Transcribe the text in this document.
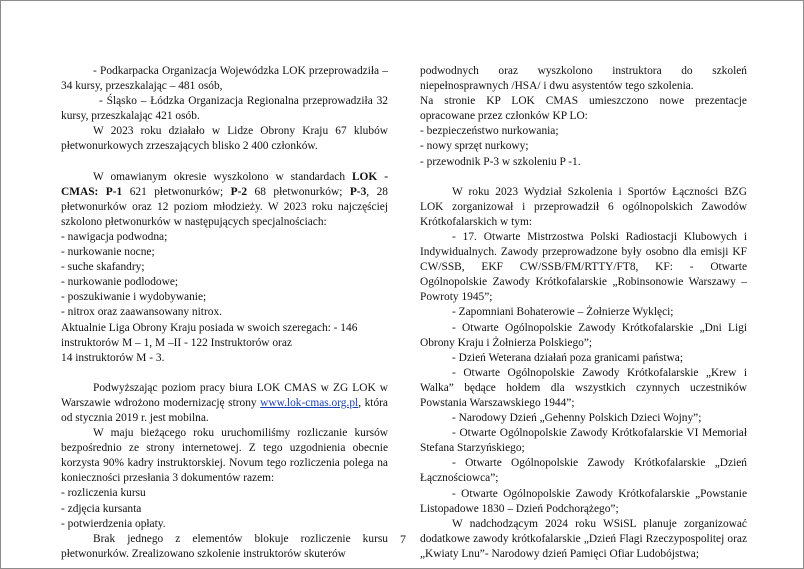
- Podkarpacka Organizacja Wojewódzka LOK przeprowadziła – 34 kursy, przeszkalając – 481 osób,

- Śląsko – Łódzka Organizacja Regionalna przeprowadziła 32 kursy, przeszkalając 421 osób.

W 2023 roku działało w Lidze Obrony Kraju 67 klubów płetwonurkowych zrzeszających blisko 2 400 członków.

W omawianym okresie wyszkolono w standardach LOK - CMAS: P-1 621 płetwonurków; P-2 68 płetwonurków; P-3, 28 płetwonurków oraz 12 poziom młodzieży. W 2023 roku najczęściej szkolono płetwonurków w następujących specjalnościach:

- nawigacja podwodna;

- nurkowanie nocne;

- suche skafandry;

- nurkowanie podlodowe;

- poszukiwanie i wydobywanie;

- nitrox oraz zaawansowany nitrox.

Aktualnie Liga Obrony Kraju posiada w swoich szeregach: - 146 instruktorów M – 1, M –II - 122 Instruktorów oraz

14 instruktorów M - 3.

Podwyższając poziom pracy biura LOK CMAS w ZG LOK w Warszawie wdrożono modernizację strony www.lok-cmas.org.pl, która od stycznia 2019 r. jest mobilna.

W maju bieżącego roku uruchomiliśmy rozliczanie kursów bezpośrednio ze strony internetowej. Z tego uzgodnienia obecnie korzysta 90% kadry instruktorskiej. Novum tego rozliczenia polega na konieczności przesłania 3 dokumentów razem:

- rozliczenia kursu

- zdjęcia kursanta

- potwierdzenia opłaty.

Brak jednego z elementów blokuje rozliczenie kursu płetwonurków. Zrealizowano szkolenie instruktorów skuterów

podwodnych oraz wyszkolono instruktora do szkoleń niepełnosprawnych /HSA/ i dwu asystentów tego szkolenia.

Na stronie KP LOK CMAS umieszczono nowe prezentacje opracowane przez członków KP LO:

- bezpieczeństwo nurkowania;

- nowy sprzęt nurkowy;

- przewodnik P-3 w szkoleniu P -1.

W roku 2023 Wydział Szkolenia i Sportów Łączności BZG LOK zorganizował i przeprowadził 6 ogólnopolskich Zawodów Krótkofalarskich w tym:

- 17. Otwarte Mistrzostwa Polski Radiostacji Klubowych i Indywidualnych. Zawody przeprowadzone były osobno dla emisji KF CW/SSB, EKF CW/SSB/FM/RTTY/FT8, KF: - Otwarte Ogólnopolskie Zawody Krótkofalarskie „Robinsonowie Warszawy – Powroty 1945”;

- Zapomniani Bohaterowie – Żołnierze Wyklęci;

- Otwarte Ogólnopolskie Zawody Krótkofalarskie „Dni Ligi Obrony Kraju i Żołnierza Polskiego”;

- Dzień Weterana działań poza granicami państwa;

- Otwarte Ogólnopolskie Zawody Krótkofalarskie „Krew i Walka” będące hołdem dla wszystkich czynnych uczestników Powstania Warszawskiego 1944”;

- Narodowy Dzień „Gehenny Polskich Dzieci Wojny”;

- Otwarte Ogólnopolskie Zawody Krótkofalarskie VI Memoriał Stefana Starzyńskiego;

- Otwarte Ogólnopolskie Zawody Krótkofalarskie „Dzień Łącznościowca”;

- Otwarte Ogólnopolskie Zawody Krótkofalarskie „Powstanie Listopadowe 1830 – Dzień Podchorążego”;

W nadchodzącym 2024 roku WSiSL planuje zorganizować dodatkowe zawody krótkofalarskie „Dzień Flagi Rzeczypospolitej oraz „Kwiaty Lnu”- Narodowy dzień Pamięci Ofiar Ludobójstwa;

7
